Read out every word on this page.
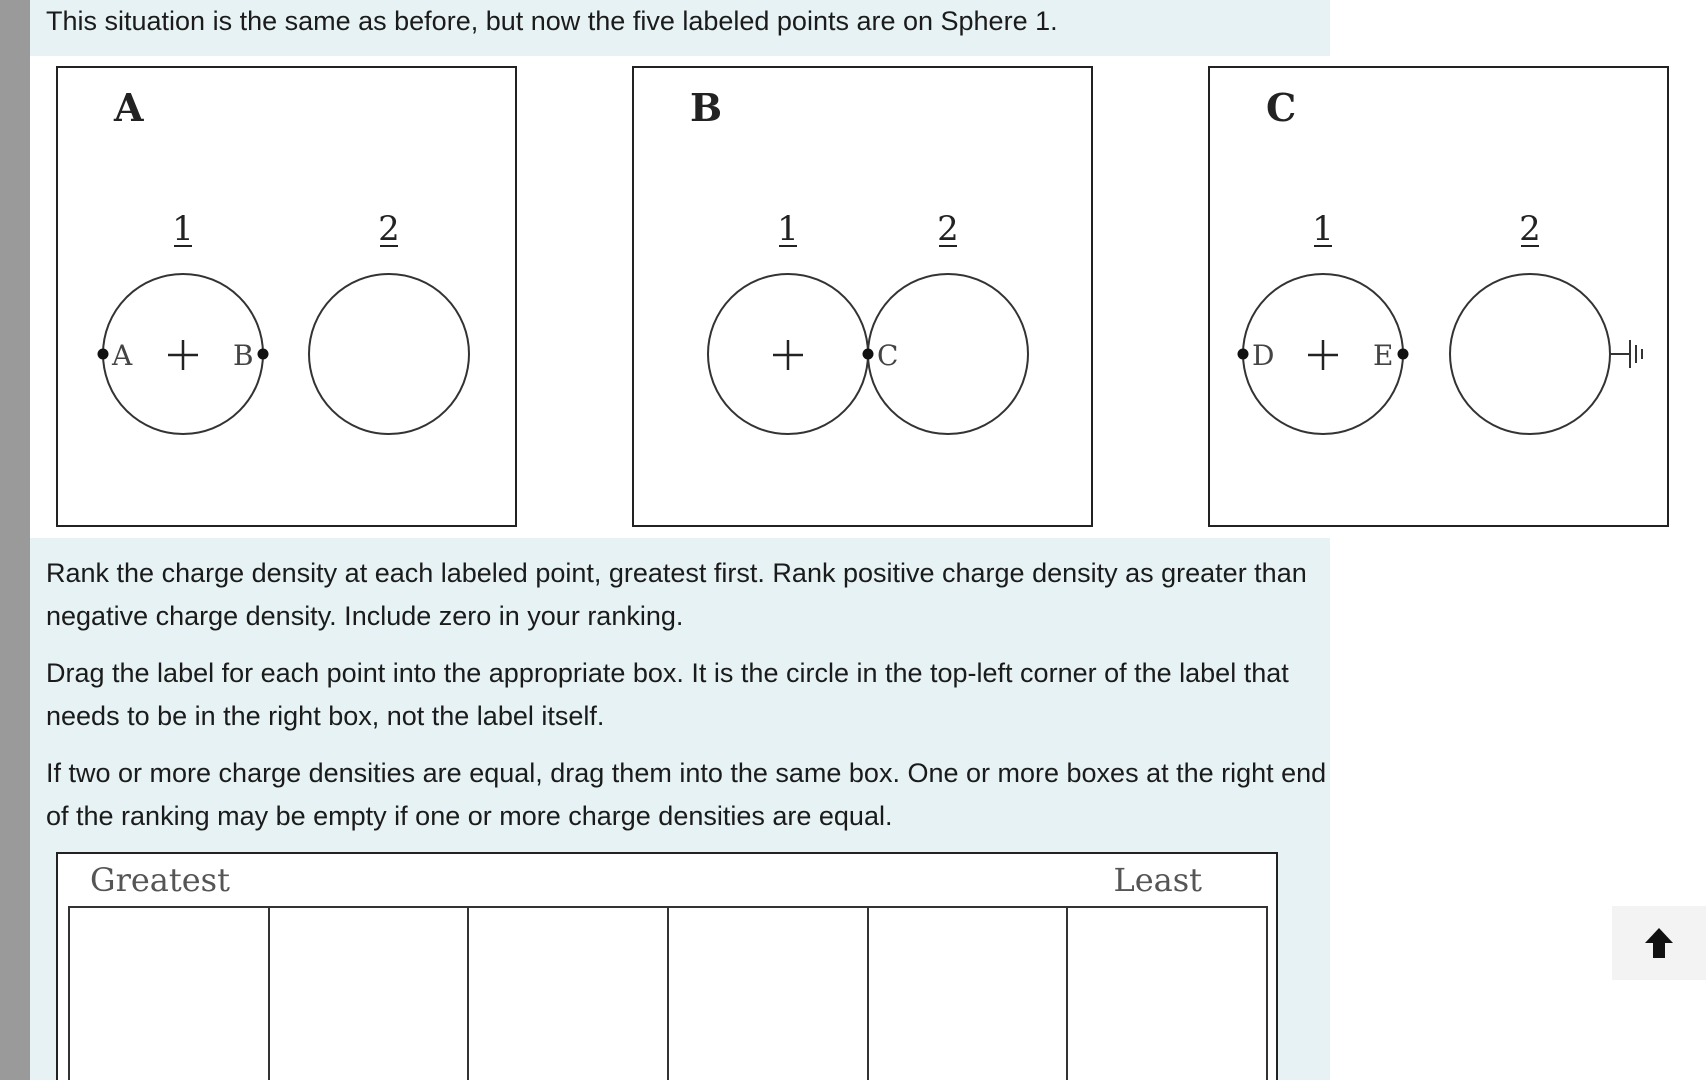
This situation is the same as before, but now the five labeled points are on Sphere 1.

A
1	2
A	B
B
1	2
C
C
1	2
D	E

Rank the charge density at each labeled point, greatest first. Rank positive charge density as greater than negative charge density. Include zero in your ranking.

Drag the label for each point into the appropriate box. It is the circle in the top-left corner of the label that needs to be in the right box, not the label itself.

If two or more charge densities are equal, drag them into the same box. One or more boxes at the right end of the ranking may be empty if one or more charge densities are equal.

Greatest	Least
